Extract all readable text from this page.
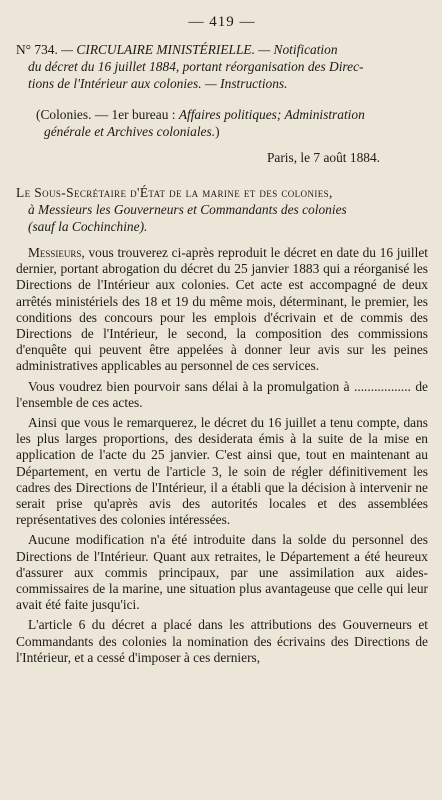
— 419 —
N° 734. — CIRCULAIRE MINISTÉRIELLE. — Notification
du décret du 16 juillet 1884, portant réorganisation des Direc-
tions de l'Intérieur aux colonies. — Instructions.
(Colonies. — 1er bureau : Affaires politiques; Administration
générale et Archives coloniales.)
Paris, le 7 août 1884.
Le Sous-Secrétaire d'État de la marine et des colonies,
à Messieurs les Gouverneurs et Commandants des colonies
(sauf la Cochinchine).

Messieurs, vous trouverez ci-après reproduit le décret en date du 16 juillet dernier, portant abrogation du décret du 25 janvier 1883 qui a réorganisé les Directions de l'Intérieur aux colonies. Cet acte est accompagné de deux arrêtés ministériels des 18 et 19 du même mois, déterminant, le premier, les conditions des concours pour les emplois d'écrivain et de commis des Directions de l'Intérieur, le second, la composition des commissions d'enquête qui peuvent être appelées à donner leur avis sur les peines administratives applicables au personnel de ces services.

Vous voudrez bien pourvoir sans délai à la promulgation à ................. de l'ensemble de ces actes.

Ainsi que vous le remarquerez, le décret du 16 juillet a tenu compte, dans les plus larges proportions, des desiderata émis à la suite de la mise en application de l'acte du 25 janvier. C'est ainsi que, tout en maintenant au Département, en vertu de l'article 3, le soin de régler définitivement les cadres des Directions de l'Intérieur, il a établi que la décision à intervenir ne serait prise qu'après avis des autorités locales et des assemblées représentatives des colonies intéressées.

Aucune modification n'a été introduite dans la solde du personnel des Directions de l'Intérieur. Quant aux retraites, le Département a été heureux d'assurer aux commis principaux, par une assimilation aux aides-commissaires de la marine, une situation plus avantageuse que celle qui leur avait été faite jusqu'ici.

L'article 6 du décret a placé dans les attributions des Gouverneurs et Commandants des colonies la nomination des écrivains des Directions de l'Intérieur, et a cessé d'imposer à ces derniers,
